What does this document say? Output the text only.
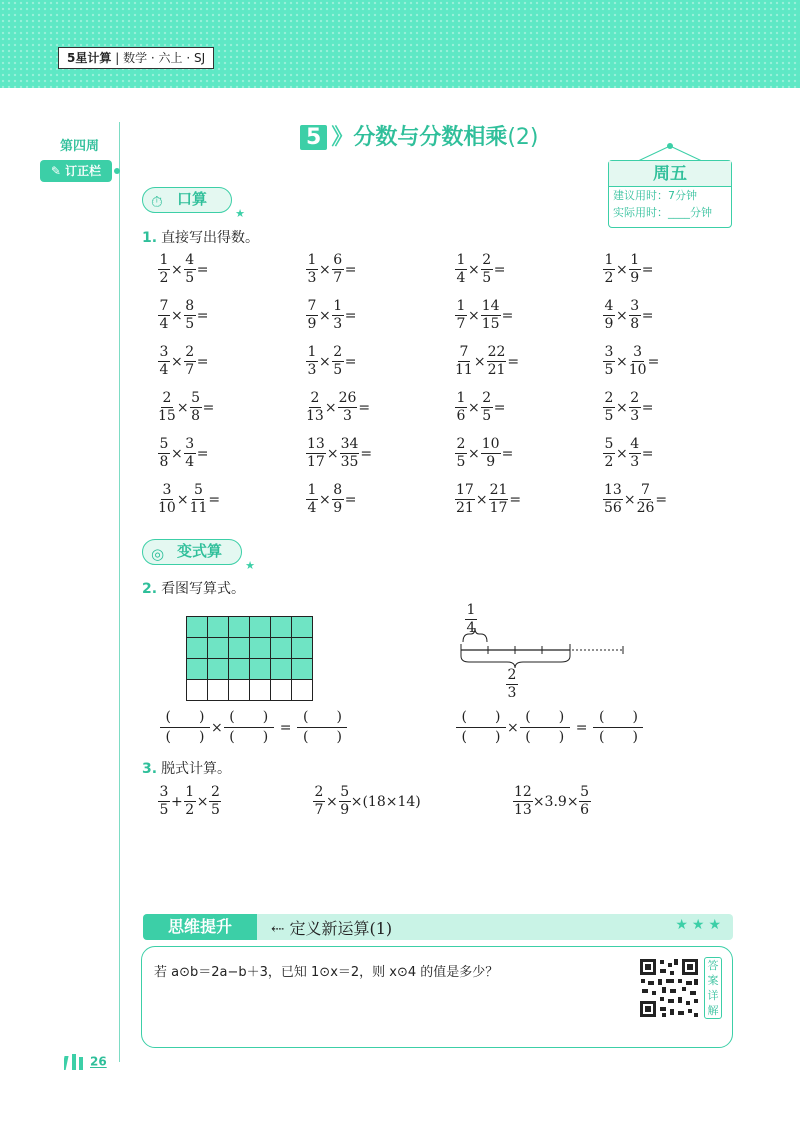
5星计算 | 数学 · 六上 · SJ
第四周
✎ 订正栏
5 》分数与分数相乘(2)
周五
建议用时：7分钟
实际用时：____分钟
⏱ 口算
★
1. 直接写出得数。
$\frac{1}{2} \times \frac{4}{5}$ =	$\frac{1}{3} \times \frac{6}{7}$ =	$\frac{1}{4} \times \frac{2}{5}$ =	$\frac{1}{2} \times \frac{1}{9}$ =
$\frac{7}{4} \times \frac{8}{5}$ =	$\frac{7}{9} \times \frac{1}{3}$ =	$\frac{1}{7} \times \frac{14}{15}$ =	$\frac{4}{9} \times \frac{3}{8}$ =
$\frac{3}{4} \times \frac{2}{7}$ =	$\frac{1}{3} \times \frac{2}{5}$ =	$\frac{7}{11} \times \frac{22}{21}$ =	$\frac{3}{5} \times \frac{3}{10}$ =
$\frac{2}{15} \times \frac{5}{8}$ =	$\frac{2}{13} \times \frac{26}{3}$ =	$\frac{1}{6} \times \frac{2}{5}$ =	$\frac{2}{5} \times \frac{2}{3}$ =
$\frac{5}{8} \times \frac{3}{4}$ =	$\frac{13}{17} \times \frac{34}{35}$ =	$\frac{2}{5} \times \frac{10}{9}$ =	$\frac{5}{2} \times \frac{4}{3}$ =
$\frac{3}{10} \times \frac{5}{11}$ =	$\frac{1}{4} \times \frac{8}{9}$ =	$\frac{17}{21} \times \frac{21}{17}$ =	$\frac{13}{56} \times \frac{7}{26}$ =
◎ 变式算
★
2. 看图写算式。

$\frac{1}{4}$
$\frac{2}{3}$
(　　)
(　　)
×
(　　)
(　　)
=
(　　)
(　　)
(　　)
(　　)
×
(　　)
(　　)
=
(　　)
(　　)
3. 脱式计算。
$\frac{3}{5} + \frac{1}{2} \times \frac{2}{5}$	$\frac{2}{7} \times \frac{5}{9} \times(18\times 14)$	$\frac{12}{13} \times 3.9\times \frac{5}{6}$
思维提升	⇠ 定义新运算(1)	★★★
若 a⊙b＝2a−b＋3，已知 1⊙x＝2，则 x⊙4 的值是多少？	答案详解
26
